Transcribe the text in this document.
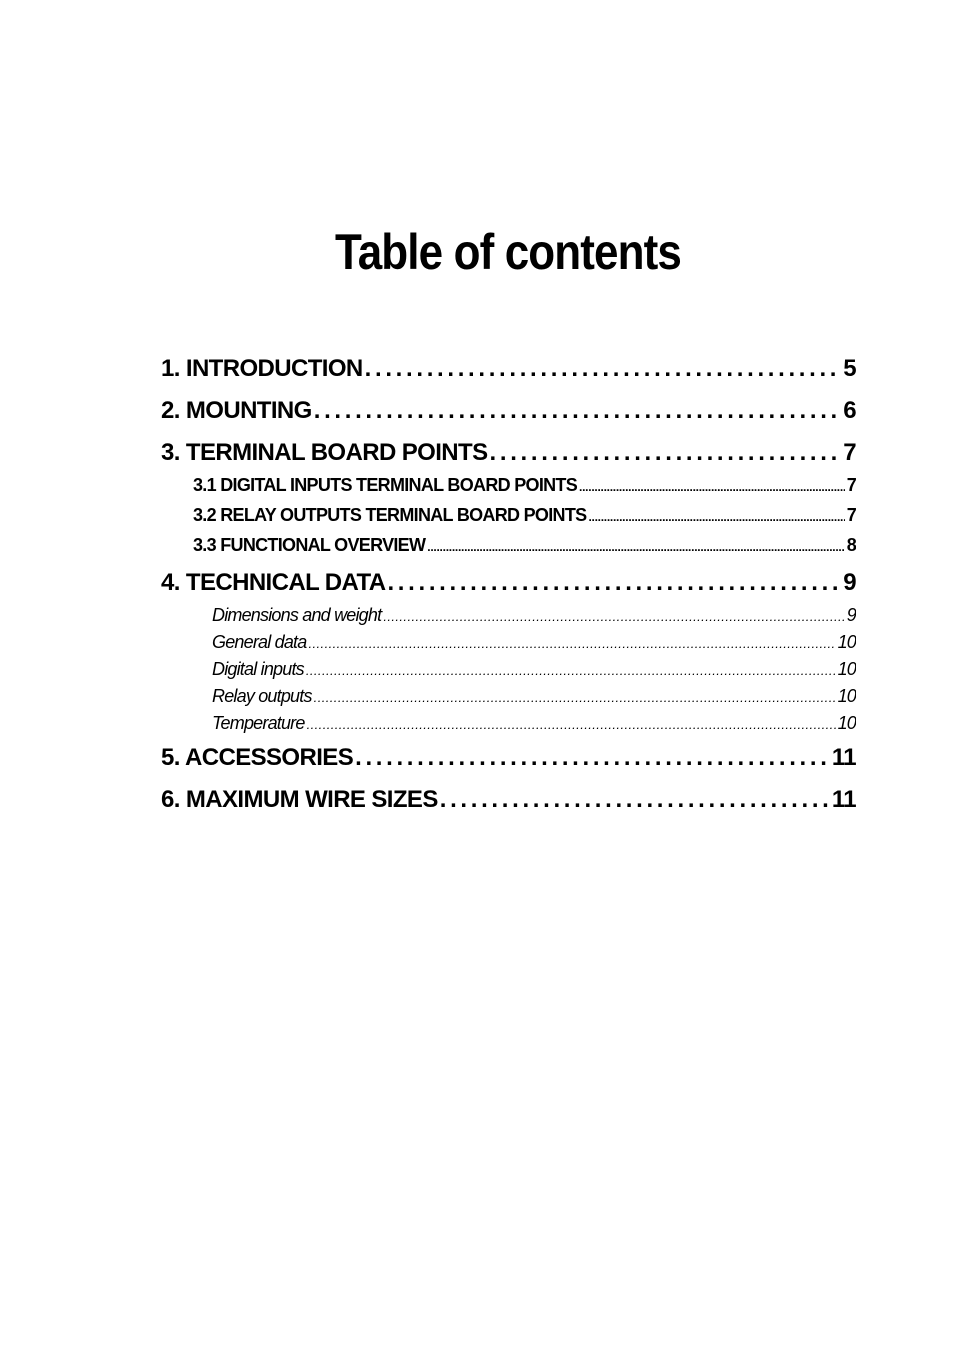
Table of contents
1. INTRODUCTION . . .	5
2. MOUNTING . . .	6
3. TERMINAL BOARD POINTS . . .	7
3.1 DIGITAL INPUTS TERMINAL BOARD POINTS . . .	7
3.2 RELAY OUTPUTS TERMINAL BOARD POINTS . . .	7
3.3 FUNCTIONAL OVERVIEW . . .	8
4. TECHNICAL DATA . . .	9
Dimensions and weight . . .	9
General data . . .	10
Digital inputs . . .	10
Relay outputs . . .	10
Temperature . . .	10
5. ACCESSORIES . . .	11
6. MAXIMUM WIRE SIZES . . .	11
